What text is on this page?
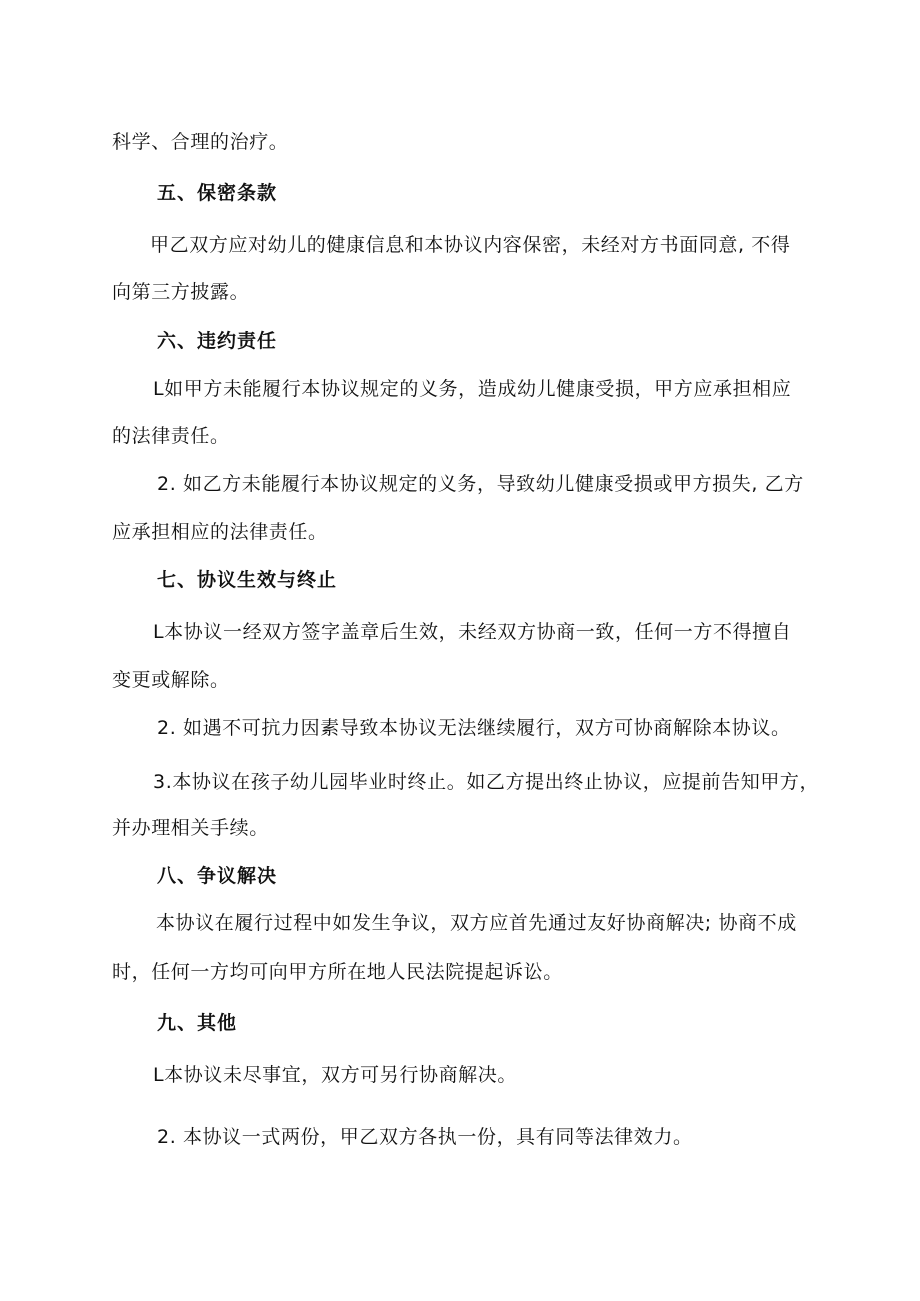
科学、合理的治疗。
五、保密条款
甲乙双方应对幼儿的健康信息和本协议内容保密，未经对方书面同意, 不得
向第三方披露。
六、违约责任
L如甲方未能履行本协议规定的义务，造成幼儿健康受损，甲方应承担相应
的法律责任。
2. 如乙方未能履行本协议规定的义务，导致幼儿健康受损或甲方损失, 乙方
应承担相应的法律责任。
七、协议生效与终止
L本协议一经双方签字盖章后生效，未经双方协商一致，任何一方不得擅自
变更或解除。
2. 如遇不可抗力因素导致本协议无法继续履行，双方可协商解除本协议。
3.本协议在孩子幼儿园毕业时终止。如乙方提出终止协议，应提前告知甲方，
并办理相关手续。
八、争议解决
本协议在履行过程中如发生争议，双方应首先通过友好协商解决; 协商不成
时，任何一方均可向甲方所在地人民法院提起诉讼。
九、其他
L本协议未尽事宜，双方可另行协商解决。
2. 本协议一式两份，甲乙双方各执一份，具有同等法律效力。
